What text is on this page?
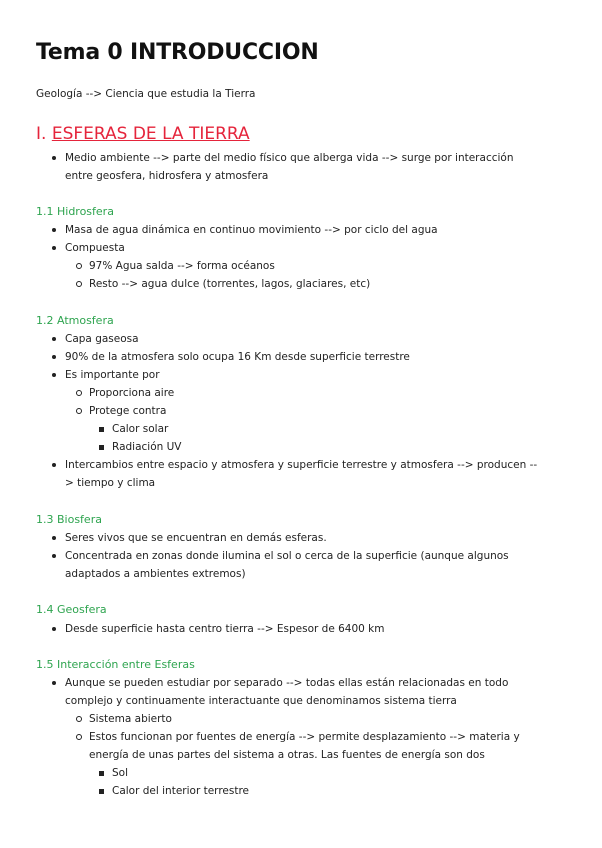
Tema 0 INTRODUCCION

Geología --> Ciencia que estudia la Tierra

I. ESFERAS DE LA TIERRA
Medio ambiente --> parte del medio físico que alberga vida --> surge por interacción entre geosfera, hidrosfera y atmosfera
1.1 Hidrosfera
Masa de agua dinámica en continuo movimiento --> por ciclo del agua
Compuesta
97% Agua salda --> forma océanos
Resto --> agua dulce (torrentes, lagos, glaciares, etc)
1.2 Atmosfera
Capa gaseosa
90% de la atmosfera solo ocupa 16 Km desde superficie terrestre
Es importante por
Proporciona aire
Protege contra
Calor solar
Radiación UV
Intercambios entre espacio y atmosfera y superficie terrestre y atmosfera --> producen --> tiempo y clima
1.3 Biosfera
Seres vivos que se encuentran en demás esferas.
Concentrada en zonas donde ilumina el sol o cerca de la superficie (aunque algunos adaptados a ambientes extremos)
1.4 Geosfera
Desde superficie hasta centro tierra --> Espesor de 6400 km
1.5 Interacción entre Esferas
Aunque se pueden estudiar por separado --> todas ellas están relacionadas en todo complejo y continuamente interactuante que denominamos sistema tierra
Sistema abierto
Estos funcionan por fuentes de energía --> permite desplazamiento --> materia y energía de unas partes del sistema a otras. Las fuentes de energía son dos
Sol
Calor del interior terrestre
